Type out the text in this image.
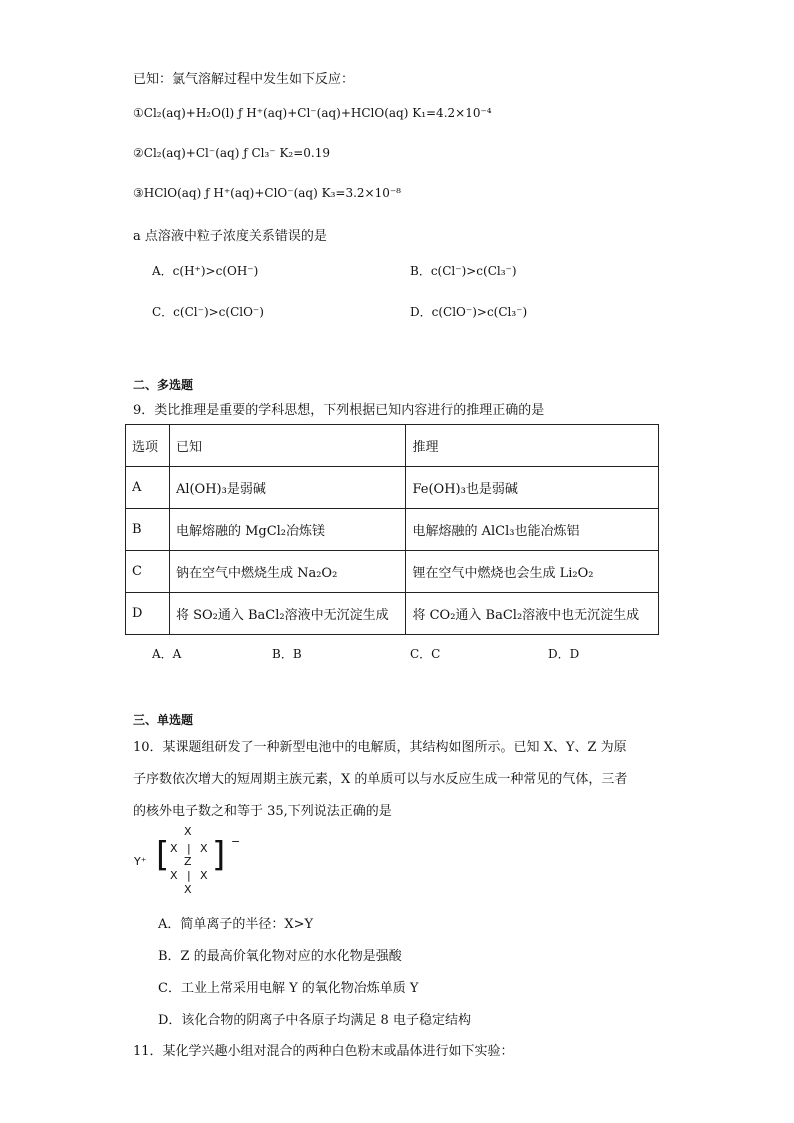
已知：氯气溶解过程中发生如下反应：
①Cl₂(aq)+H₂O(l) ƒ H⁺(aq)+Cl⁻(aq)+HClO(aq) K₁=4.2×10⁻⁴
②Cl₂(aq)+Cl⁻(aq) ƒ Cl₃⁻ K₂=0.19
③HClO(aq) ƒ H⁺(aq)+ClO⁻(aq) K₃=3.2×10⁻⁸
a 点溶液中粒子浓度关系错误的是
A．c(H⁺)>c(OH⁻)	B．c(Cl⁻)>c(Cl₃⁻)
C．c(Cl⁻)>c(ClO⁻)	D．c(ClO⁻)>c(Cl₃⁻)
二、多选题
9．类比推理是重要的学科思想，下列根据已知内容进行的推理正确的是
选项	已知	推理
A	Al(OH)₃是弱碱	Fe(OH)₃也是弱碱
B	电解熔融的 MgCl₂冶炼镁	电解熔融的 AlCl₃也能冶炼铝
C	钠在空气中燃烧生成 Na₂O₂	锂在空气中燃烧也会生成 Li₂O₂
D	将 SO₂通入 BaCl₂溶液中无沉淀生成	将 CO₂通入 BaCl₂溶液中也无沉淀生成
A．A	B．B	C．C	D．D
三、单选题
10．某课题组研发了一种新型电池中的电解质，其结构如图所示。已知 X、Y、Z 为原
子序数依次增大的短周期主族元素，X 的单质可以与水反应生成一种常见的气体，三者
的核外电子数之和等于 35,下列说法正确的是
Y⁺ [
X
X | X
Z
X | X
X
] −
A．简单离子的半径：X>Y
B．Z 的最高价氧化物对应的水化物是强酸
C．工业上常采用电解 Y 的氧化物冶炼单质 Y
D．该化合物的阴离子中各原子均满足 8 电子稳定结构
11．某化学兴趣小组对混合的两种白色粉末或晶体进行如下实验：
